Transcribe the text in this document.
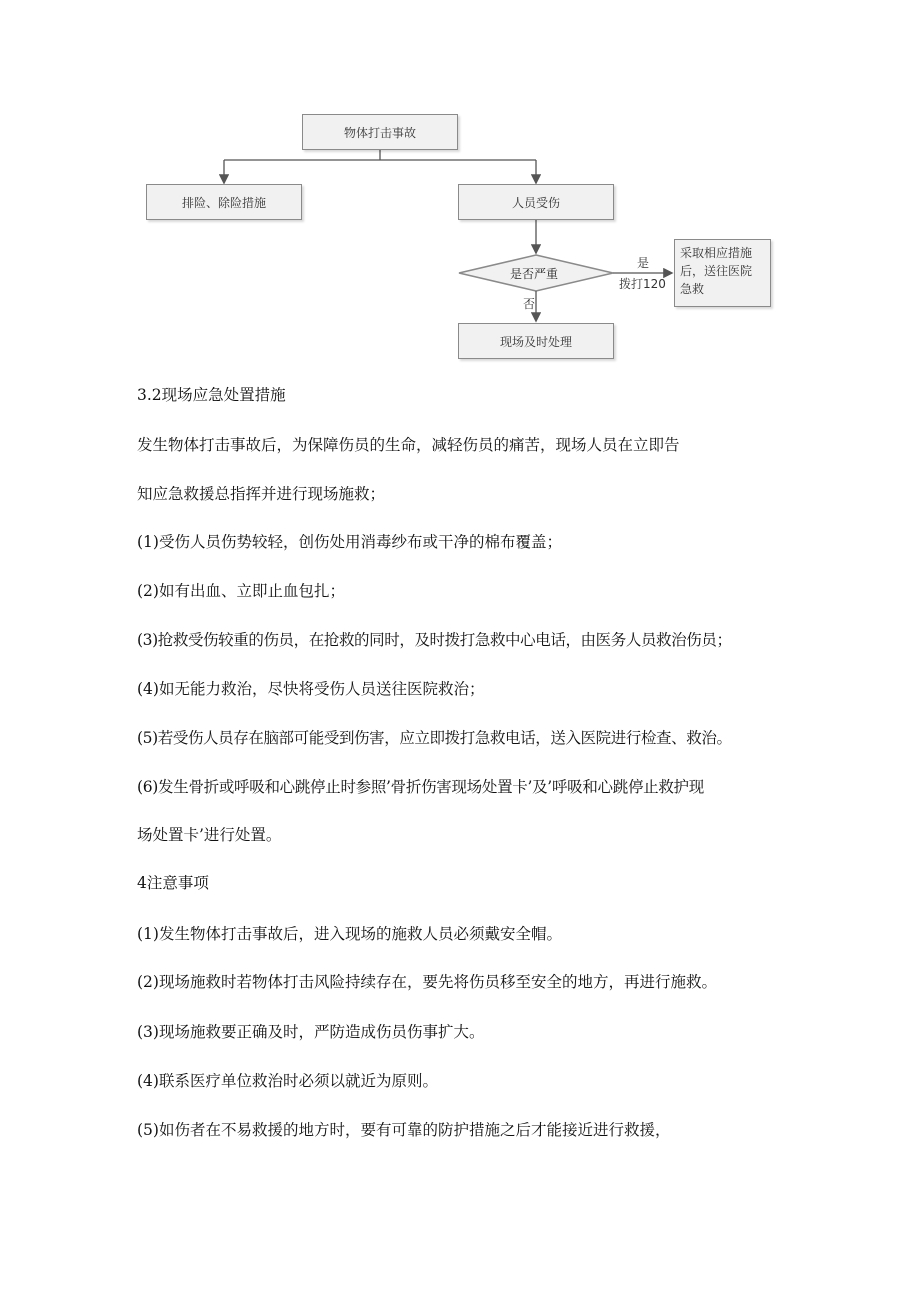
物体打击事故
排险、除险措施	人员受伤
是否严重
是
拨打120
否
采取相应措施
后，送往医院
急救
现场及时处理
3.2现场应急处置措施
发生物体打击事故后，为保障伤员的生命，减轻伤员的痛苦，现场人员在立即告
知应急救援总指挥并进行现场施救；
(1)受伤人员伤势较轻，创伤处用消毒纱布或干净的棉布覆盖；
(2)如有出血、立即止血包扎；
(3)抢救受伤较重的伤员，在抢救的同时，及时拨打急救中心电话，由医务人员救治伤员；
(4)如无能力救治，尽快将受伤人员送往医院救治；
(5)若受伤人员存在脑部可能受到伤害，应立即拨打急救电话，送入医院进行检查、救治。
(6)发生骨折或呼吸和心跳停止时参照’骨折伤害现场处置卡’及’呼吸和心跳停止救护现
场处置卡’进行处置。
4注意事项
(1)发生物体打击事故后，进入现场的施救人员必须戴安全帽。
(2)现场施救时若物体打击风险持续存在，要先将伤员移至安全的地方，再进行施救。
(3)现场施救要正确及时，严防造成伤员伤事扩大。
(4)联系医疗单位救治时必须以就近为原则。
(5)如伤者在不易救援的地方时，要有可靠的防护措施之后才能接近进行救援，
